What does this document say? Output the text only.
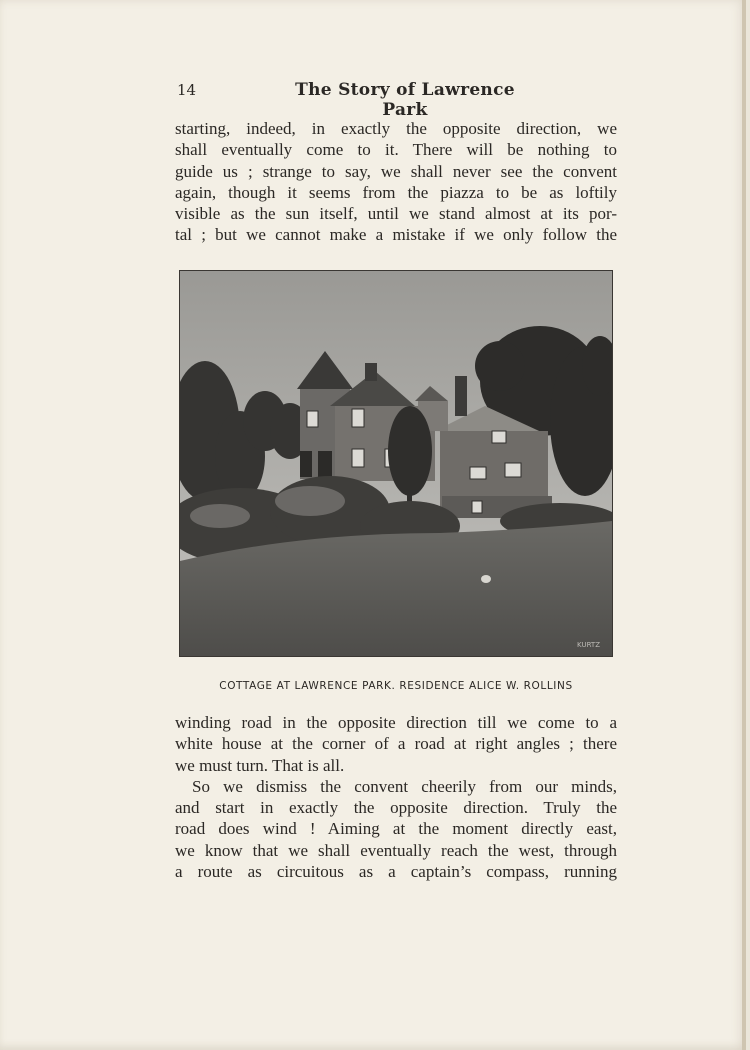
14	The Story of Lawrence Park
starting, indeed, in exactly the opposite direction, we
shall eventually come to it. There will be nothing to
guide us ; strange to say, we shall never see the convent
again, though it seems from the piazza to be as loftily
visible as the sun itself, until we stand almost at its por-
tal ; but we cannot make a mistake if we only follow the
KURTZ
COTTAGE AT LAWRENCE PARK. RESIDENCE ALICE W. ROLLINS
winding road in the opposite direction till we come to a
white house at the corner of a road at right angles ; there
we must turn. That is all.
So we dismiss the convent cheerily from our minds,
and start in exactly the opposite direction. Truly the
road does wind ! Aiming at the moment directly east,
we know that we shall eventually reach the west, through
a route as circuitous as a captain’s compass, running
